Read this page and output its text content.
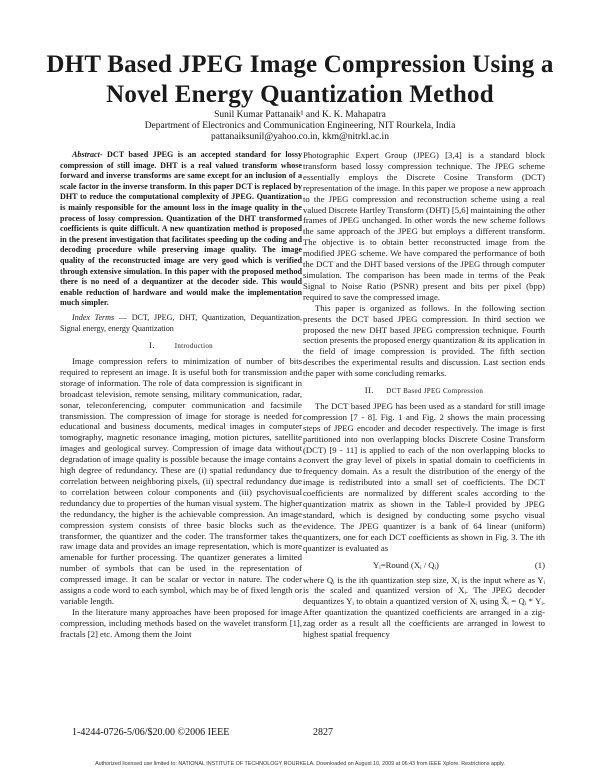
DHT Based JPEG Image Compression Using a Novel Energy Quantization Method
Sunil Kumar Pattanaik¹ and K. K. Mahapatra
Department of Electronics and Communication Engineering, NIT Rourkela, India
pattanaiksunil@yahoo.co.in, kkm@nitrkl.ac.in

Abstract- DCT based JPEG is an accepted standard for lossy compression of still image. DHT is a real valued transform whose forward and inverse transforms are same except for an inclusion of a scale factor in the inverse transform. In this paper DCT is replaced by DHT to reduce the computational complexity of JPEG. Quantization is mainly responsible for the amount loss in the image quality in the process of lossy compression. Quantization of the DHT transformed coefficients is quite difficult. A new quantization method is proposed in the present investigation that facilitates speeding up the coding and decoding procedure while preserving image quality. The image quality of the reconstructed image are very good which is verified through extensive simulation. In this paper with the proposed method there is no need of a dequantizer at the decoder side. This would enable reduction of hardware and would make the implementation much simpler.

Index Terms — DCT, JPEG, DHT, Quantization, Dequantization, Signal energy, energy Quantization

I.	Introduction

Image compression refers to minimization of number of bits required to represent an image. It is useful both for transmission and storage of information. The role of data compression is significant in broadcast television, remote sensing, military communication, radar, sonar, teleconferencing, computer communication and facsimile transmission. The compression of image for storage is needed for educational and business documents, medical images in computer tomography, magnetic resonance imaging, motion pictures, satellite images and geological survey. Compression of image data without degradation of image quality is possible because the image contains a high degree of redundancy. These are (i) spatial redundancy due to correlation between neighboring pixels, (ii) spectral redundancy due to correlation between colour components and (iii) psychovisual redundancy due to properties of the human visual system. The higher the redundancy, the higher is the achievable compression. An image compression system consists of three basic blocks such as the transformer, the quantizer and the coder. The transformer takes the raw image data and provides an image representation, which is more amenable for further processing. The quantizer generates a limited number of symbols that can be used in the representation of compressed image. It can be scalar or vector in nature. The coder assigns a code word to each symbol, which may be of fixed length or variable length.

In the literature many approaches have been proposed for image compression, including methods based on the wavelet transform [1], fractals [2] etc. Among them the Joint

Photographic Expert Group (JPEG) [3,4] is a standard block transform based lossy compression technique. The JPEG scheme essentially employs the Discrete Cosine Transform (DCT) representation of the image. In this paper we propose a new approach to the JPEG compression and reconstruction scheme using a real valued Discrete Hartley Transform (DHT) [5,6] maintaining the other frames of JPEG unchanged. In other words the new scheme follows the same approach of the JPEG but employs a different transform. The objective is to obtain better reconstructed image from the modified JPEG scheme. We have compared the performance of both the DCT and the DHT based versions of the JPEG through computer simulation. The comparison has been made in terms of the Peak Signal to Noise Ratio (PSNR) present and bits per pixel (bpp) required to save the compressed image.

This paper is organized as follows. In the following section presents the DCT based JPEG compression. In third section we proposed the new DHT based JPEG compression technique. Fourth section presents the proposed energy quantization & its application in the field of image compression is provided. The fifth section describes the experimental results and discussion. Last section ends the paper with some concluding remarks.

II. DCT Based JPEG Compression

The DCT based JPEG has been used as a standard for still image compression [7 - 8]. Fig. 1 and Fig. 2 shows the main processing steps of JPEG encoder and decoder respectively. The image is first partitioned into non overlapping blocks Discrete Cosine Transform (DCT) [9 - 11] is applied to each of the non overlapping blocks to convert the gray level of pixels in spatial domain to coefficients in frequency domain. As a result the distribution of the energy of the image is redistributed into a small set of coefficients. The DCT coefficients are normalized by different scales according to the quantization matrix as shown in the Table-I provided by JPEG standard, which is designed by conducting some psycho visual evidence. The JPEG quantizer is a bank of 64 linear (uniform) quantizers, one for each DCT coefficients as shown in Fig. 3. The ith quantizer is evaluated as

Yᵢ=Round (Xᵢ / Qᵢ)	(1)

where Qᵢ is the ith quantization step size, Xᵢ is the input where as Yᵢ is the scaled and quantized version of Xᵢ. The JPEG decoder dequantizes Yᵢ to obtain a quantized version of Xᵢ using X̂ᵢ = Qᵢ * Yᵢ. After quantization the quantized coefficients are arranged in a zig-zag order as a result all the coefficients are arranged in lowest to highest spatial frequency

1-4244-0726-5/06/$20.00 ©2006 IEEE	2827
Authorized licensed use limited to: NATIONAL INSTITUTE OF TECHNOLOGY ROURKELA. Downloaded on August 10, 2009 at 06:43 from IEEE Xplore. Restrictions apply.
